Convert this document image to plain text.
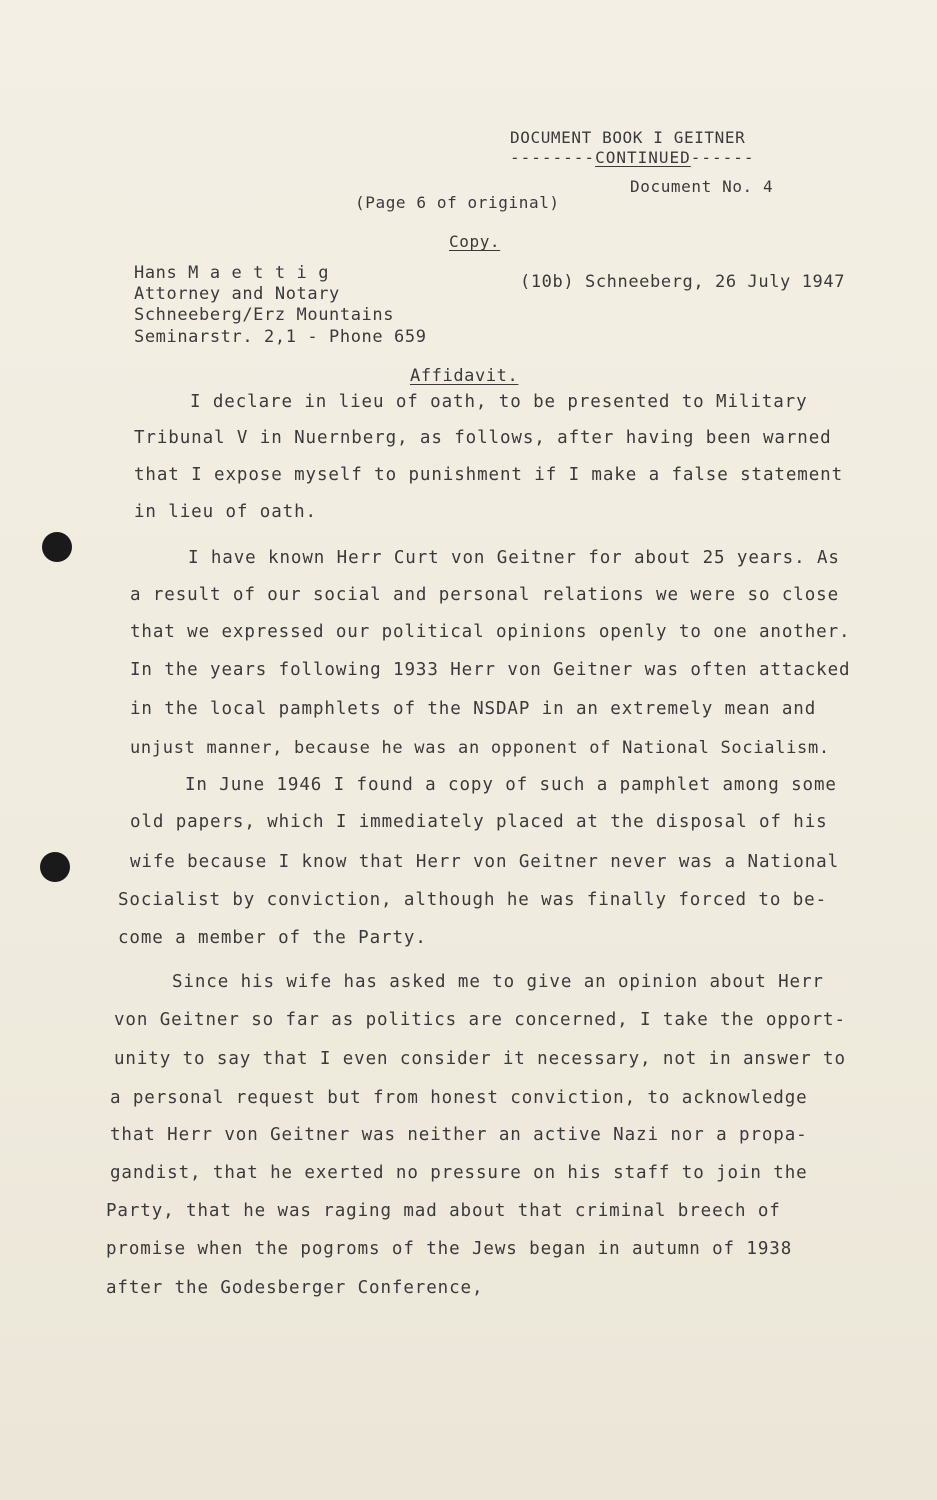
DOCUMENT BOOK I GEITNER
--------CONTINUED------
Document No. 4
(Page 6 of original)
Copy.
Hans M a e t t i g
Attorney and Notary
Schneeberg/Erz Mountains
Seminarstr. 2,1 - Phone 659
(10b) Schneeberg, 26 July 1947
Affidavit.
I declare in lieu of oath, to be presented to Military
Tribunal V in Nuernberg, as follows, after having been warned
that I expose myself to punishment if I make a false statement
in lieu of oath.
I have known Herr Curt von Geitner for about 25 years. As
a result of our social and personal relations we were so close
that we expressed our political opinions openly to one another.
In the years following 1933 Herr von Geitner was often attacked
in the local pamphlets of the NSDAP in an extremely mean and
unjust manner, because he was an opponent of National Socialism.
In June 1946 I found a copy of such a pamphlet among some
old papers, which I immediately placed at the disposal of his
wife because I know that Herr von Geitner never was a National
Socialist by conviction, although he was finally forced to be-
come a member of the Party.
Since his wife has asked me to give an opinion about Herr
von Geitner so far as politics are concerned, I take the opport-
unity to say that I even consider it necessary, not in answer to
a personal request but from honest conviction, to acknowledge
that Herr von Geitner was neither an active Nazi nor a propa-
gandist, that he exerted no pressure on his staff to join the
Party, that he was raging mad about that criminal breech of
promise when the pogroms of the Jews began in autumn of 1938
after the Godesberger Conference,
